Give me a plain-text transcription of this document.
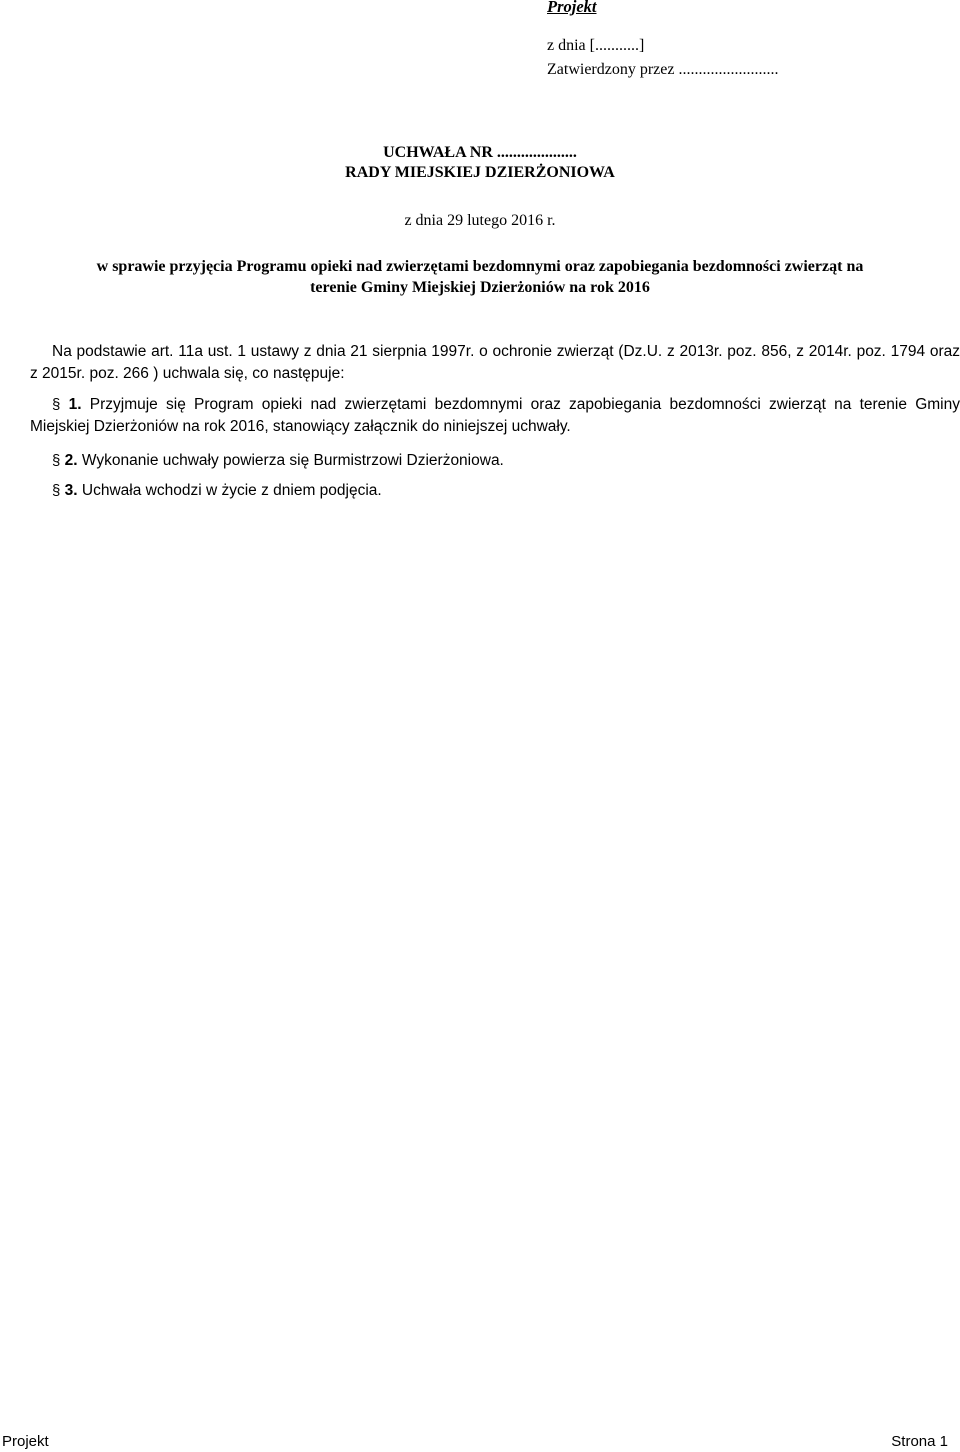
Projekt
z dnia [...........]
Zatwierdzony przez .........................
UCHWAŁA NR ....................
RADY MIEJSKIEJ DZIERŻONIOWA
z dnia 29 lutego 2016 r.
w sprawie przyjęcia Programu opieki nad zwierzętami bezdomnymi oraz zapobiegania bezdomności zwierząt na
terenie Gminy Miejskiej Dzierżoniów na rok 2016
Na podstawie art. 11a ust. 1 ustawy z dnia 21 sierpnia 1997r. o ochronie zwierząt (Dz.U. z 2013r. poz. 856, z 2014r. poz. 1794 oraz z 2015r. poz. 266 ) uchwala się, co następuje:
§ 1. Przyjmuje się Program opieki nad zwierzętami bezdomnymi oraz zapobiegania bezdomności zwierząt na terenie Gminy Miejskiej Dzierżoniów na rok 2016, stanowiący załącznik do niniejszej uchwały.
§ 2. Wykonanie uchwały powierza się Burmistrzowi Dzierżoniowa.
§ 3. Uchwała wchodzi w życie z dniem podjęcia.
Projekt	Strona 1
